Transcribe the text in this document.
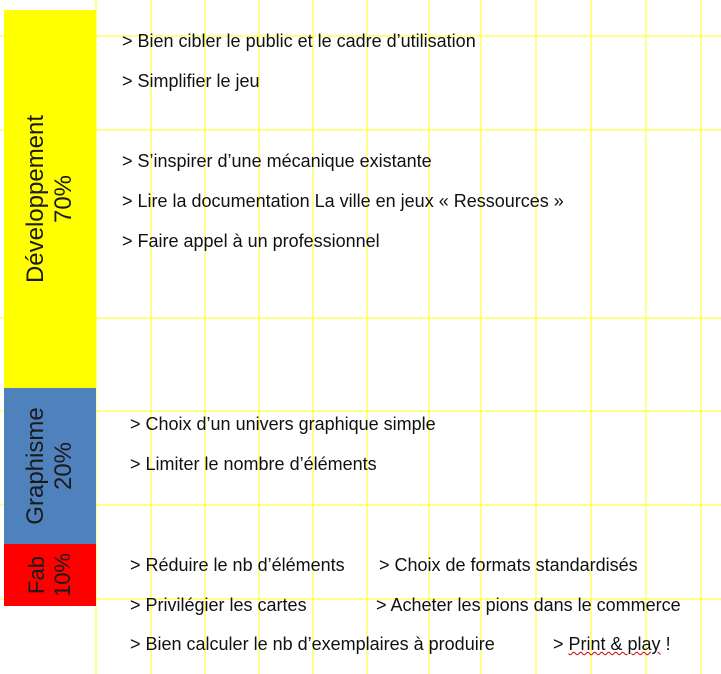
Développement 70%
Graphisme 20%
Fab 10%
> Bien cibler le public et le cadre d’utilisation
> Simplifier le jeu
> S’inspirer d’une mécanique existante
> Lire la documentation La ville en jeux « Ressources »
> Faire appel à un professionnel
> Choix d’un univers graphique simple
> Limiter le nombre d’éléments
> Réduire le nb d’éléments > Choix de formats standardisés
> Privilégier les cartes	> Acheter les pions dans le commerce
> Bien calculer le nb d’exemplaires à produire	> Print & play !
